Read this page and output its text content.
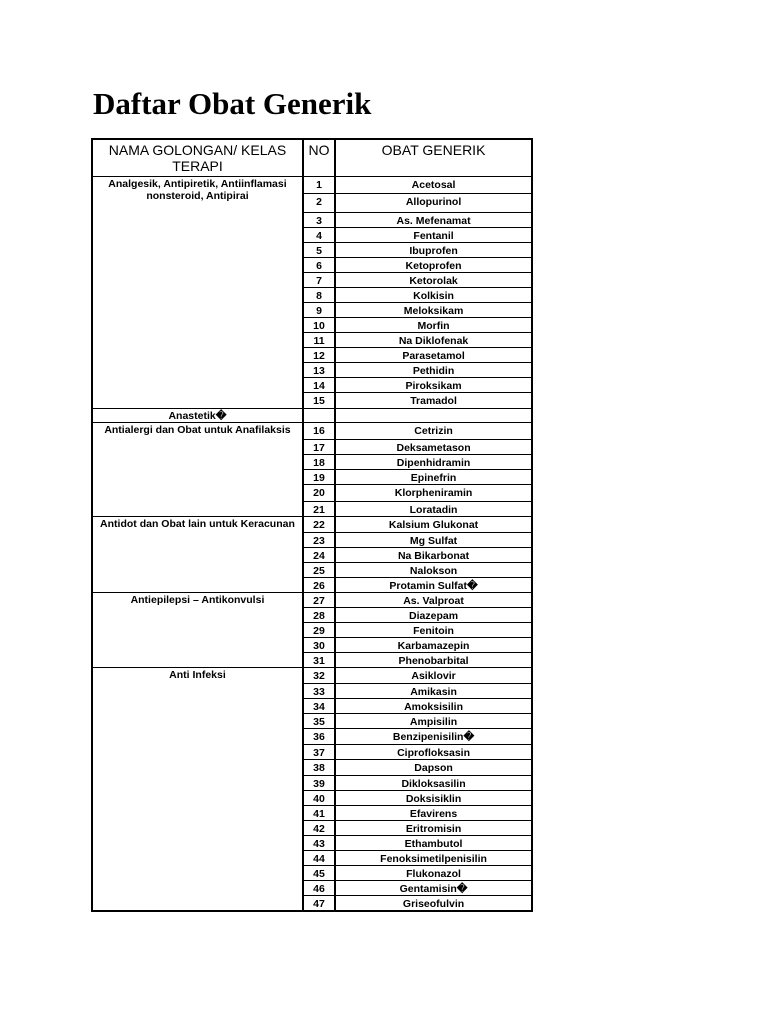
Daftar Obat Generik
NAMA GOLONGAN/ KELAS TERAPI	NO	OBAT GENERIK
Analgesik, Antipiretik, Antiinflamasi nonsteroid, Antipirai	1	Acetosal
	2	Allopurinol
	3	As. Mefenamat
	4	Fentanil
	5	Ibuprofen
	6	Ketoprofen
	7	Ketorolak
	8	Kolkisin
	9	Meloksikam
	10	Morfin
	11	Na Diklofenak
	12	Parasetamol
	13	Pethidin
	14	Piroksikam
	15	Tramadol
Anastetik�		
Antialergi dan Obat untuk Anafilaksis	16	Cetrizin
	17	Deksametason
	18	Dipenhidramin
	19	Epinefrin
	20	Klorpheniramin
	21	Loratadin
Antidot dan Obat lain untuk Keracunan	22	Kalsium Glukonat
	23	Mg Sulfat
	24	Na Bikarbonat
	25	Nalokson
	26	Protamin Sulfat�
Antiepilepsi – Antikonvulsi	27	As. Valproat
	28	Diazepam
	29	Fenitoin
	30	Karbamazepin
	31	Phenobarbital
Anti Infeksi	32	Asiklovir
	33	Amikasin
	34	Amoksisilin
	35	Ampisilin
	36	Benzipenisilin�
	37	Ciprofloksasin
	38	Dapson
	39	Dikloksasilin
	40	Doksisiklin
	41	Efavirens
	42	Eritromisin
	43	Ethambutol
	44	Fenoksimetilpenisilin
	45	Flukonazol
	46	Gentamisin�
	47	Griseofulvin
